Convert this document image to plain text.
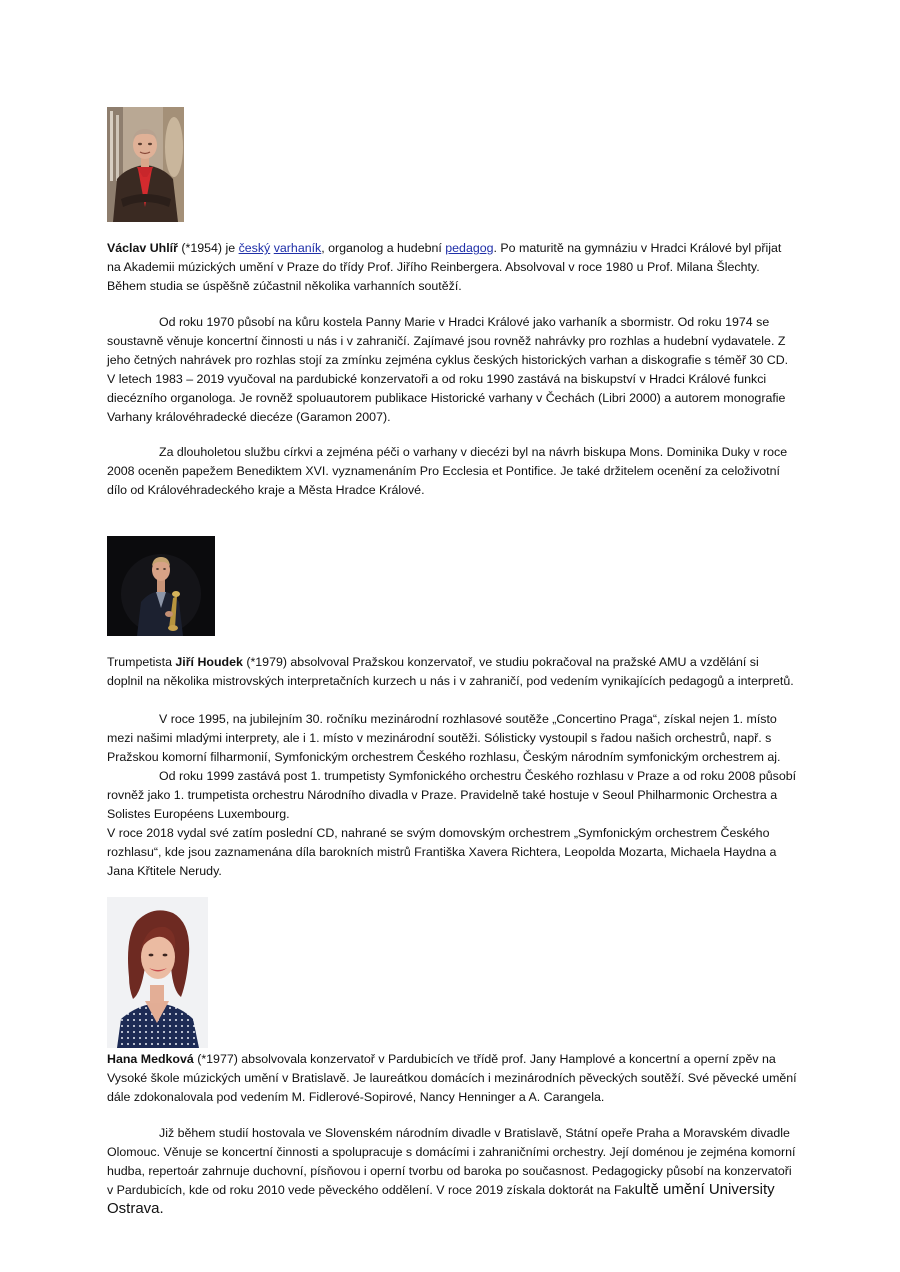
Václav Uhlíř (*1954) je český varhaník, organolog a hudební pedagog. Po maturitě na gymnáziu v Hradci Králové byl přijat na Akademii múzických umění v Praze do třídy Prof. Jiřího Reinbergera. Absolvoval v roce 1980 u Prof. Milana Šlechty. Během studia se úspěšně zúčastnil několika varhanních soutěží.

Od roku 1970 působí na kůru kostela Panny Marie v Hradci Králové jako varhaník a sbormistr. Od roku 1974 se soustavně věnuje koncertní činnosti u nás i v zahraničí. Zajímavé jsou rovněž nahrávky pro rozhlas a hudební vydavatele. Z jeho četných nahrávek pro rozhlas stojí za zmínku zejména cyklus českých historických varhan a diskografie s téměř 30 CD. V letech 1983 – 2019 vyučoval na pardubické konzervatoři a od roku 1990 zastává na biskupství v Hradci Králové funkci diecézního organologa. Je rovněž spoluautorem publikace Historické varhany v Čechách (Libri 2000) a autorem monografie Varhany královéhradecké diecéze (Garamon 2007).

Za dlouholetou službu církvi a zejména péči o varhany v diecézi byl na návrh biskupa Mons. Dominika Duky v roce 2008 oceněn papežem Benediktem XVI. vyznamenáním Pro Ecclesia et Pontifice. Je také držitelem ocenění za celoživotní dílo od Královéhradeckého kraje a Města Hradce Králové.

Trumpetista Jiří Houdek (*1979) absolvoval Pražskou konzervatoř, ve studiu pokračoval na pražské AMU a vzdělání si doplnil na několika mistrovských interpretačních kurzech u nás i v zahraničí, pod vedením vynikajících pedagogů a interpretů.

V roce 1995, na jubilejním 30. ročníku mezinárodní rozhlasové soutěže „Concertino Praga“, získal nejen 1. místo mezi našimi mladými interprety, ale i 1. místo v mezinárodní soutěži. Sólisticky vystoupil s řadou našich orchestrů, např. s Pražskou komorní filharmonií, Symfonickým orchestrem Českého rozhlasu, Českým národním symfonickým orchestrem aj.

Od roku 1999 zastává post 1. trumpetisty Symfonického orchestru Českého rozhlasu v Praze a od roku 2008 působí rovněž jako 1. trumpetista orchestru Národního divadla v Praze. Pravidelně také hostuje v Seoul Philharmonic Orchestra a Solistes Européens Luxembourg.

V roce 2018 vydal své zatím poslední CD, nahrané se svým domovským orchestrem „Symfonickým orchestrem Českého rozhlasu“, kde jsou zaznamenána díla barokních mistrů Františka Xavera Richtera, Leopolda Mozarta, Michaela Haydna a Jana Křtitele Nerudy.

Hana Medková (*1977) absolvovala konzervatoř v Pardubicích ve třídě prof. Jany Hamplové a koncertní a operní zpěv na Vysoké škole múzických umění v Bratislavě. Je laureátkou domácích i mezinárodních pěveckých soutěží. Své pěvecké umění dále zdokonalovala pod vedením M. Fidlerové-Sopirové, Nancy Henninger a A. Carangela.

Již během studií hostovala ve Slovenském národním divadle v Bratislavě, Státní opeře Praha a Moravském divadle Olomouc. Věnuje se koncertní činnosti a spolupracuje s domácími i zahraničními orchestry. Její doménou je zejména komorní hudba, repertoár zahrnuje duchovní, písňovou i operní tvorbu od baroka po současnost. Pedagogicky působí na konzervatoři v Pardubicích, kde od roku 2010 vede pěveckého oddělení. V roce 2019 získala doktorát na Fakultě umění University Ostrava.
